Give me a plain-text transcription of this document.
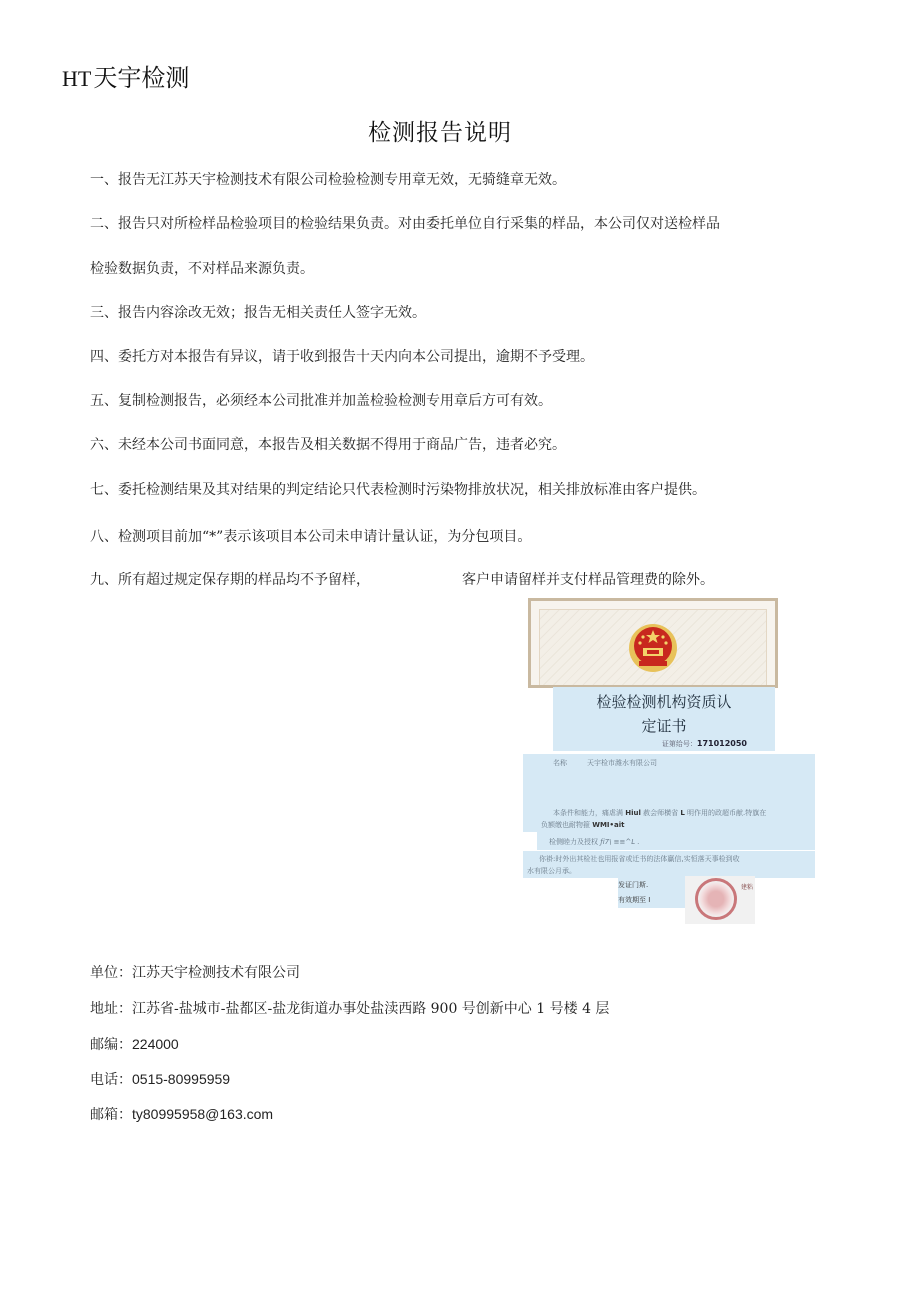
HT天宇检测
检测报告说明
一、报告无江苏天宇检测技术有限公司检验检测专用章无效，无骑缝章无效。
二、报告只对所检样品检验项目的检验结果负责。对由委托单位自行采集的样品，本公司仅对送检样品
检验数据负责，不对样品来源负责。
三、报告内容涂改无效；报告无相关责任人签字无效。
四、委托方对本报告有异议，请于收到报告十天内向本公司提出，逾期不予受理。
五、复制检测报告，必须经本公司批准并加盖检验检测专用章后方可有效。
六、未经本公司书面同意，本报告及相关数据不得用于商品广告，违者必究。
七、委托检测结果及其对结果的判定结论只代表检测时污染物排放状况，相关排放标准由客户提供。
八、检测项目前加“*”表示该项目本公司未申请计量认证，为分包项目。
九、所有超过规定保存期的样品均不予留样，	客户申请留样并支付样品管理费的除外。
检验检测机构资质认
定证书
证第给号：171012050
名称	天宇检市潍水有限公司
本条件和能力，痛虐满 Hiul 赦会师横省 L 明作用的政超币献.特旗在
负额缴也耐物箍 WMI•ait
检侧睦力及授权 ƒi7\ ≡≡^L .
你褂:时外出其检社也用报省或迁书的法体贏信,实恒落天事检到收
水有限公月承。
发证门斯.
有效期至 I
建粘
单位：江苏天宇检测技术有限公司
地址：江苏省-盐城市-盐都区-盐龙街道办事处盐渎西路 900 号创新中心 1 号楼 4 层
邮编：224000
电话：0515-80995959
邮箱：ty80995958@163.com
